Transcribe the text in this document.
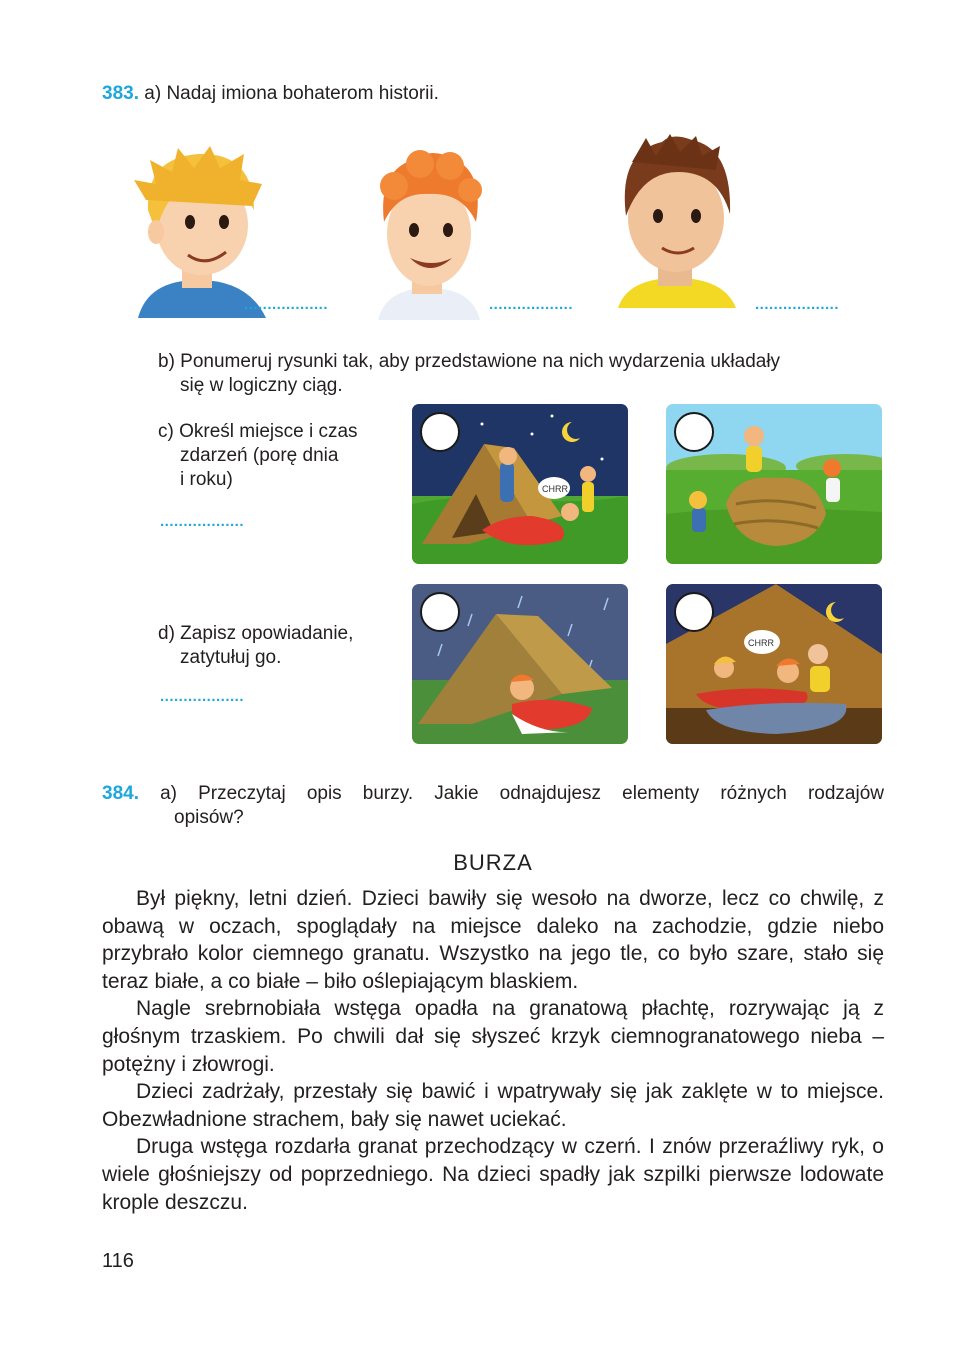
383. a) Nadaj imiona bohaterom historii.
..................	..................	..................
b) Ponumeruj rysunki tak, aby przedstawione na nich wydarzenia układały
się w logiczny ciąg.
c) Określ miejsce i czas
zdarzeń (porę dnia
i roku)
..................
d) Zapisz opowiadanie,
zatytułuj go.
..................
CHRR
CHRR
384. a) Przeczytaj opis burzy. Jakie odnajdujesz elementy różnych rodzajów
opisów?
BURZA

Był piękny, letni dzień. Dzieci bawiły się wesoło na dworze, lecz co chwilę, z obawą w oczach, spoglądały na miejsce daleko na zachodzie, gdzie niebo przybrało kolor ciemnego granatu. Wszystko na jego tle, co było szare, stało się teraz białe, a co białe – biło oślepiającym blaskiem.

Nagle srebrnobiała wstęga opadła na granatową płachtę, rozrywając ją z głośnym trzaskiem. Po chwili dał się słyszeć krzyk ciemnogranatowego nieba – potężny i złowrogi.

Dzieci zadrżały, przestały się bawić i wpatrywały się jak zaklęte w to miejsce. Obezwładnione strachem, bały się nawet uciekać.

Druga wstęga rozdarła granat przechodzący w czerń. I znów przeraźliwy ryk, o wiele głośniejszy od poprzedniego. Na dzieci spadły jak szpilki pierwsze lodowate krople deszczu.

116
